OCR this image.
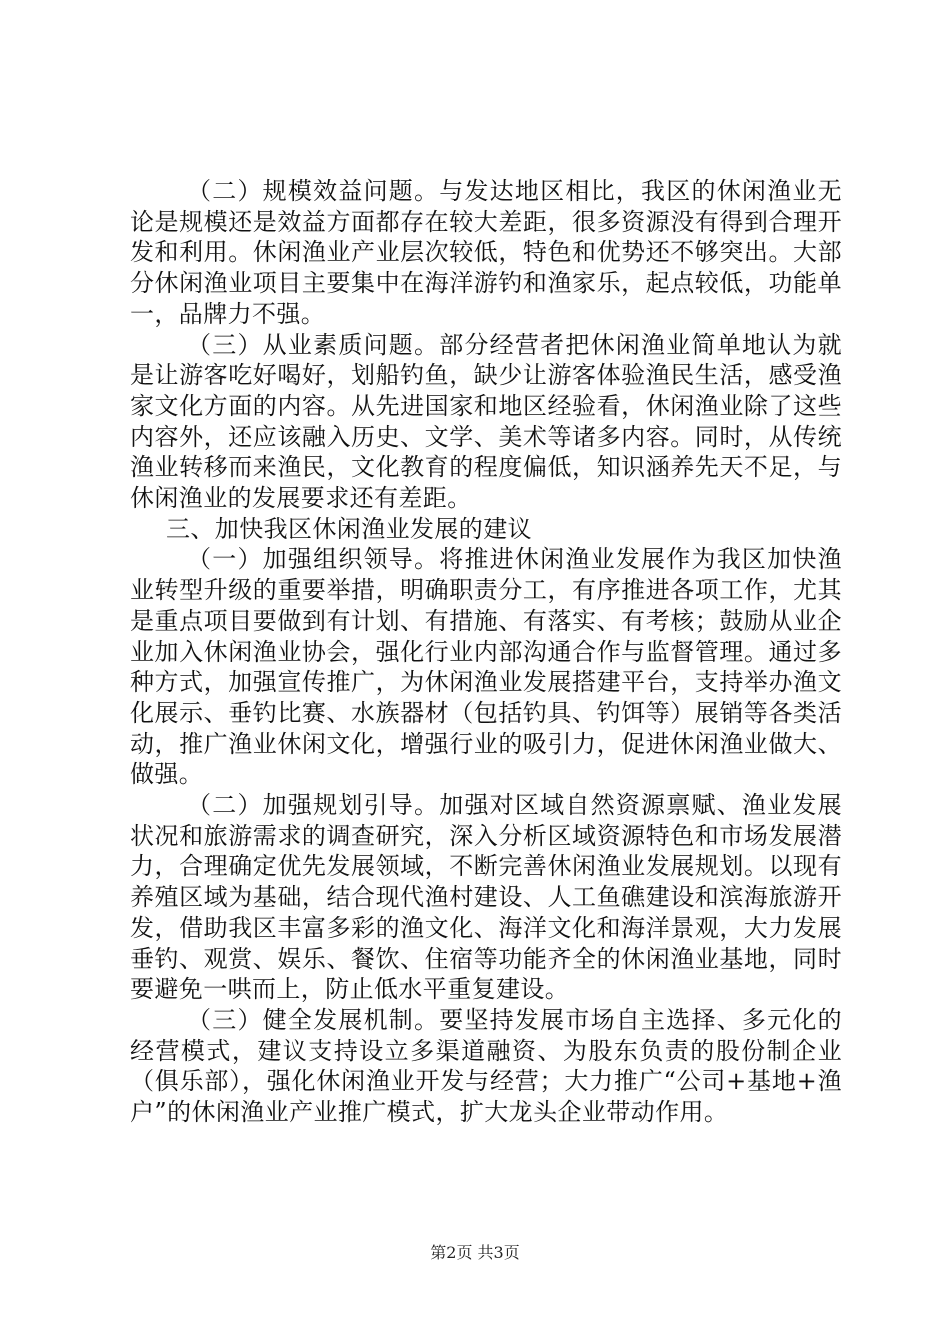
（二）规模效益问题。与发达地区相比，我区的休闲渔业无论是规模还是效益方面都存在较大差距，很多资源没有得到合理开发和利用。休闲渔业产业层次较低，特色和优势还不够突出。大部分休闲渔业项目主要集中在海洋游钓和渔家乐，起点较低，功能单一，品牌力不强。

（三）从业素质问题。部分经营者把休闲渔业简单地认为就是让游客吃好喝好，划船钓鱼，缺少让游客体验渔民生活，感受渔家文化方面的内容。从先进国家和地区经验看，休闲渔业除了这些内容外，还应该融入历史、文学、美术等诸多内容。同时，从传统渔业转移而来渔民，文化教育的程度偏低，知识涵养先天不足，与休闲渔业的发展要求还有差距。

三、加快我区休闲渔业发展的建议

（一）加强组织领导。将推进休闲渔业发展作为我区加快渔业转型升级的重要举措，明确职责分工，有序推进各项工作，尤其是重点项目要做到有计划、有措施、有落实、有考核；鼓励从业企业加入休闲渔业协会，强化行业内部沟通合作与监督管理。通过多种方式，加强宣传推广，为休闲渔业发展搭建平台，支持举办渔文化展示、垂钓比赛、水族器材（包括钓具、钓饵等）展销等各类活动，推广渔业休闲文化，增强行业的吸引力，促进休闲渔业做大、做强。

（二）加强规划引导。加强对区域自然资源禀赋、渔业发展状况和旅游需求的调查研究，深入分析区域资源特色和市场发展潜力，合理确定优先发展领域，不断完善休闲渔业发展规划。以现有养殖区域为基础，结合现代渔村建设、人工鱼礁建设和滨海旅游开发，借助我区丰富多彩的渔文化、海洋文化和海洋景观，大力发展垂钓、观赏、娱乐、餐饮、住宿等功能齐全的休闲渔业基地，同时要避免一哄而上，防止低水平重复建设。

（三）健全发展机制。要坚持发展市场自主选择、多元化的经营模式，建议支持设立多渠道融资、为股东负责的股份制企业（俱乐部），强化休闲渔业开发与经营；大力推广“公司+基地+渔户”的休闲渔业产业推广模式，扩大龙头企业带动作用。

第2页 共3页
